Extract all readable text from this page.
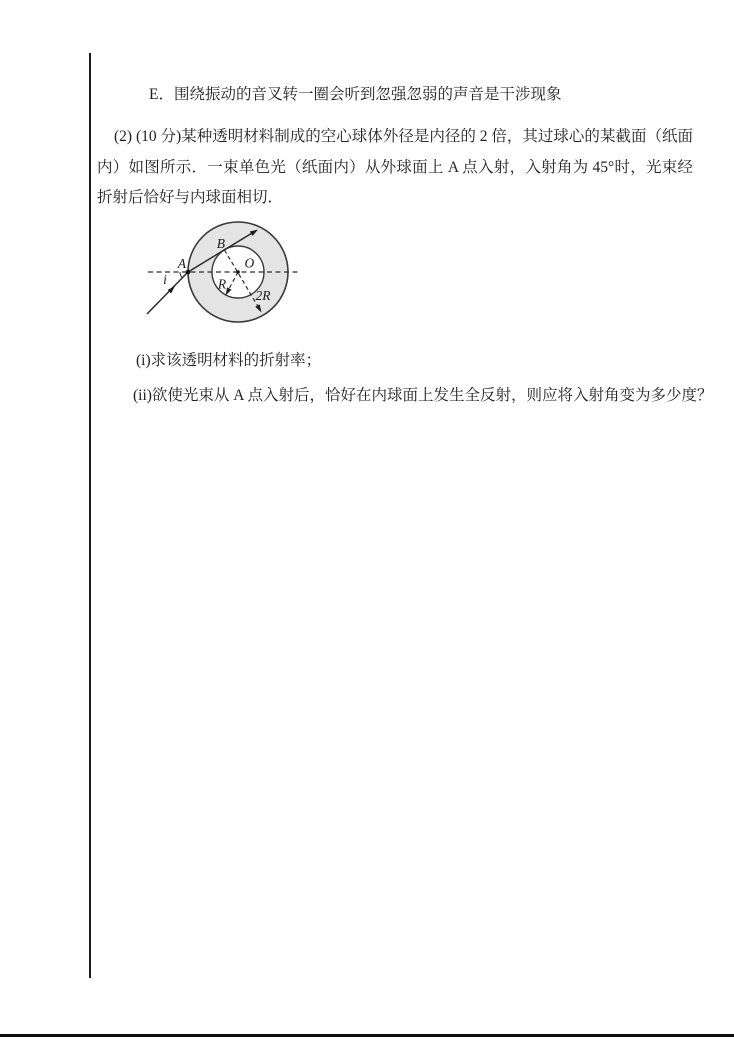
E．围绕振动的音叉转一圈会听到忽强忽弱的声音是干涉现象
(2) (10 分)某种透明材料制成的空心球体外径是内径的 2 倍，其过球心的某截面（纸面内）如图所示．一束单色光（纸面内）从外球面上 A 点入射，入射角为 45°时，光束经折射后恰好与内球面相切．
A
i
B
O
R
2R
(i)求该透明材料的折射率；
(ii)欲使光束从 A 点入射后，恰好在内球面上发生全反射，则应将入射角变为多少度？
